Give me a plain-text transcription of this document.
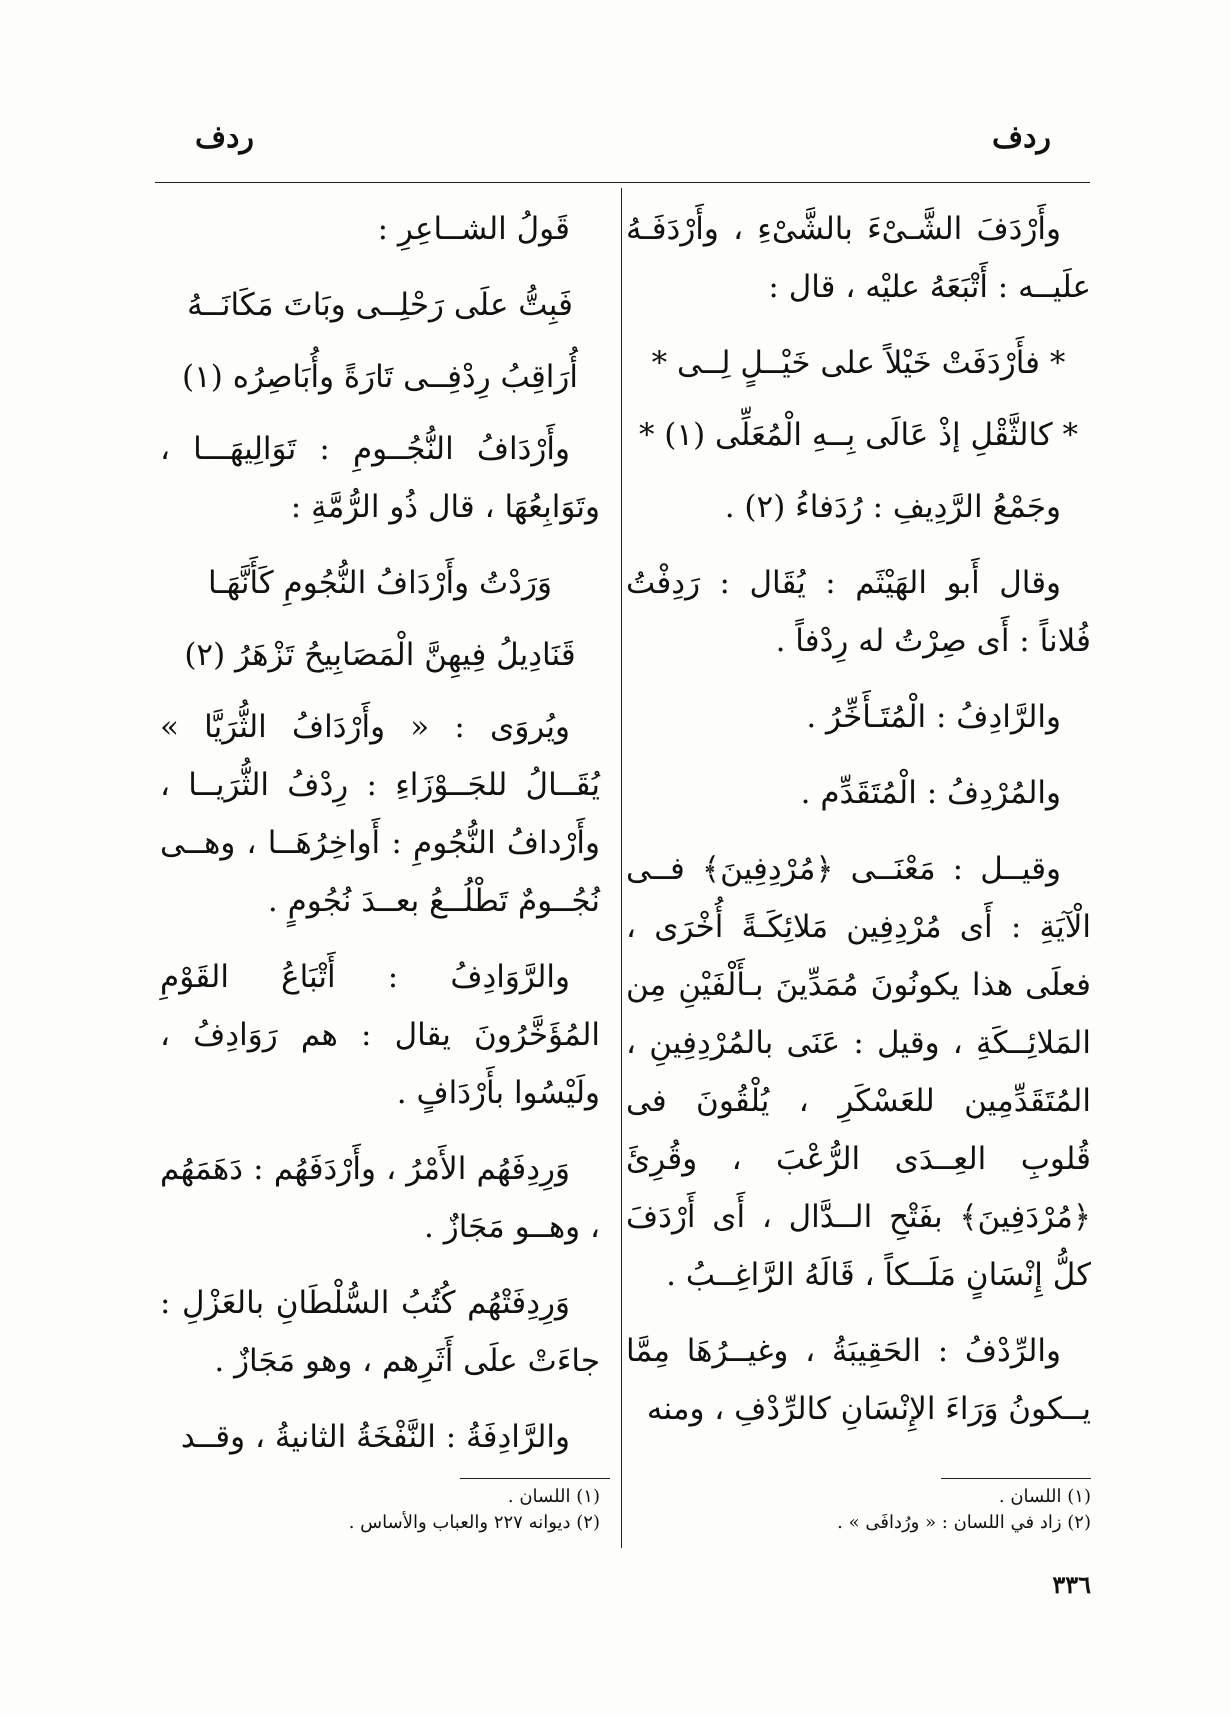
ردف
ردف

وأَرْدَفَ الشَّـىْءَ بالشَّىْءِ ، وأَرْدَفَـهُ علَيــه : أَتْبَعَهُ عليْه ، قال :

* فأَرْدَفَتْ خَيْلاً على خَيْــلٍ لِــى *

* كالثَّقْلِ إذْ عَالَى بِــهِ الْمُعَلِّى (١) *

وجَمْعُ الرَّدِيفِ : رُدَفاءُ (٢) .

وقال أَبو الهَيْثَم : يُقَال : رَدِفْتُ فُلاناً : أَى صِرْتُ له رِدْفاً .

والرَّادِفُ : الْمُتَـأَخِّرُ .

والمُرْدِفُ : الْمُتَقَدِّم .

وقيــل : مَعْنَــى ﴿مُرْدِفِينَ﴾ فــى الْآيَةِ : أَى مُرْدِفِين مَلائِكَـةً أُخْرَى ، فعلَى هذا يكونُونَ مُمَدِّينَ بـأَلْفَيْنِ مِن المَلائِــكَةِ ، وقيل : عَنَى بالمُرْدِفِينِ ، المُتَقَدِّمِين للعَسْكَرِ ، يُلْقُونَ فى قُلوبِ العِــدَى الرُّعْبَ ، وقُرِئَ ﴿مُرْدَفِينَ﴾ بفَتْحِ الــدَّال ، أَى أَرْدَفَ كلُّ إِنْسَانٍ مَلَــكاً ، قَالَهُ الرَّاغِــبُ .

والرِّدْفُ : الحَقِيبَةُ ، وغيــرُهَا مِمَّا يــكونُ وَرَاءَ الإِنْسَانِ كالرِّدْفِ ، ومنه

قَولُ الشــاعِرِ :

فَبِتُّ علَى رَحْلِــى وبَاتَ مَكَانَــهُ

أُرَاقِبُ رِدْفِــى تَارَةً وأُبَاصِرُه (١)

وأَرْدَافُ النُّجُــومِ : تَوَالِيهَـــا ، وتَوَابِعُهَا ، قال ذُو الرُّمَّةِ :

وَرَدْتُ وأَرْدَافُ النُّجُومِ كَأَنَّهَـا

قَنَادِيلُ فِيهِنَّ الْمَصَابِيحُ تَزْهَرُ (٢)

ويُروَى : « وأَرْدَافُ الثُّرَيَّا » يُقَــالُ للجَــوْزَاءِ : رِدْفُ الثُّرَيــا ، وأَرْدافُ النُّجُومِ : أَواخِرُهَــا ، وهــى نُجُــومٌ تَطْلُــعُ بعــدَ نُجُومٍ .

والرَّوَادِفُ : أَتْبَاعُ القَوْمِ المُؤَخَّرُونَ يقال : هم رَوَادِفُ ، ولَيْسُوا بأَرْدَافٍ .

وَرِدِفَهُم الأَمْرُ ، وأَرْدَفَهُم : دَهَمَهُم ، وهــو مَجَازٌ .

وَرِدِفَتْهُم كُتُبُ السُّلْطَانِ بالعَزْلِ : جاءَتْ علَى أَثَرِهم ، وهو مَجَازٌ .

والرَّادِفَةُ : النَّفْخَةُ الثانيةُ ، وقــد

(١) اللسان .
(٢) زاد في اللسان : « ورُدافَى » .
(١) اللسان .
(٢) ديوانه ٢٢٧ والعباب والأساس .
٣٣٦
